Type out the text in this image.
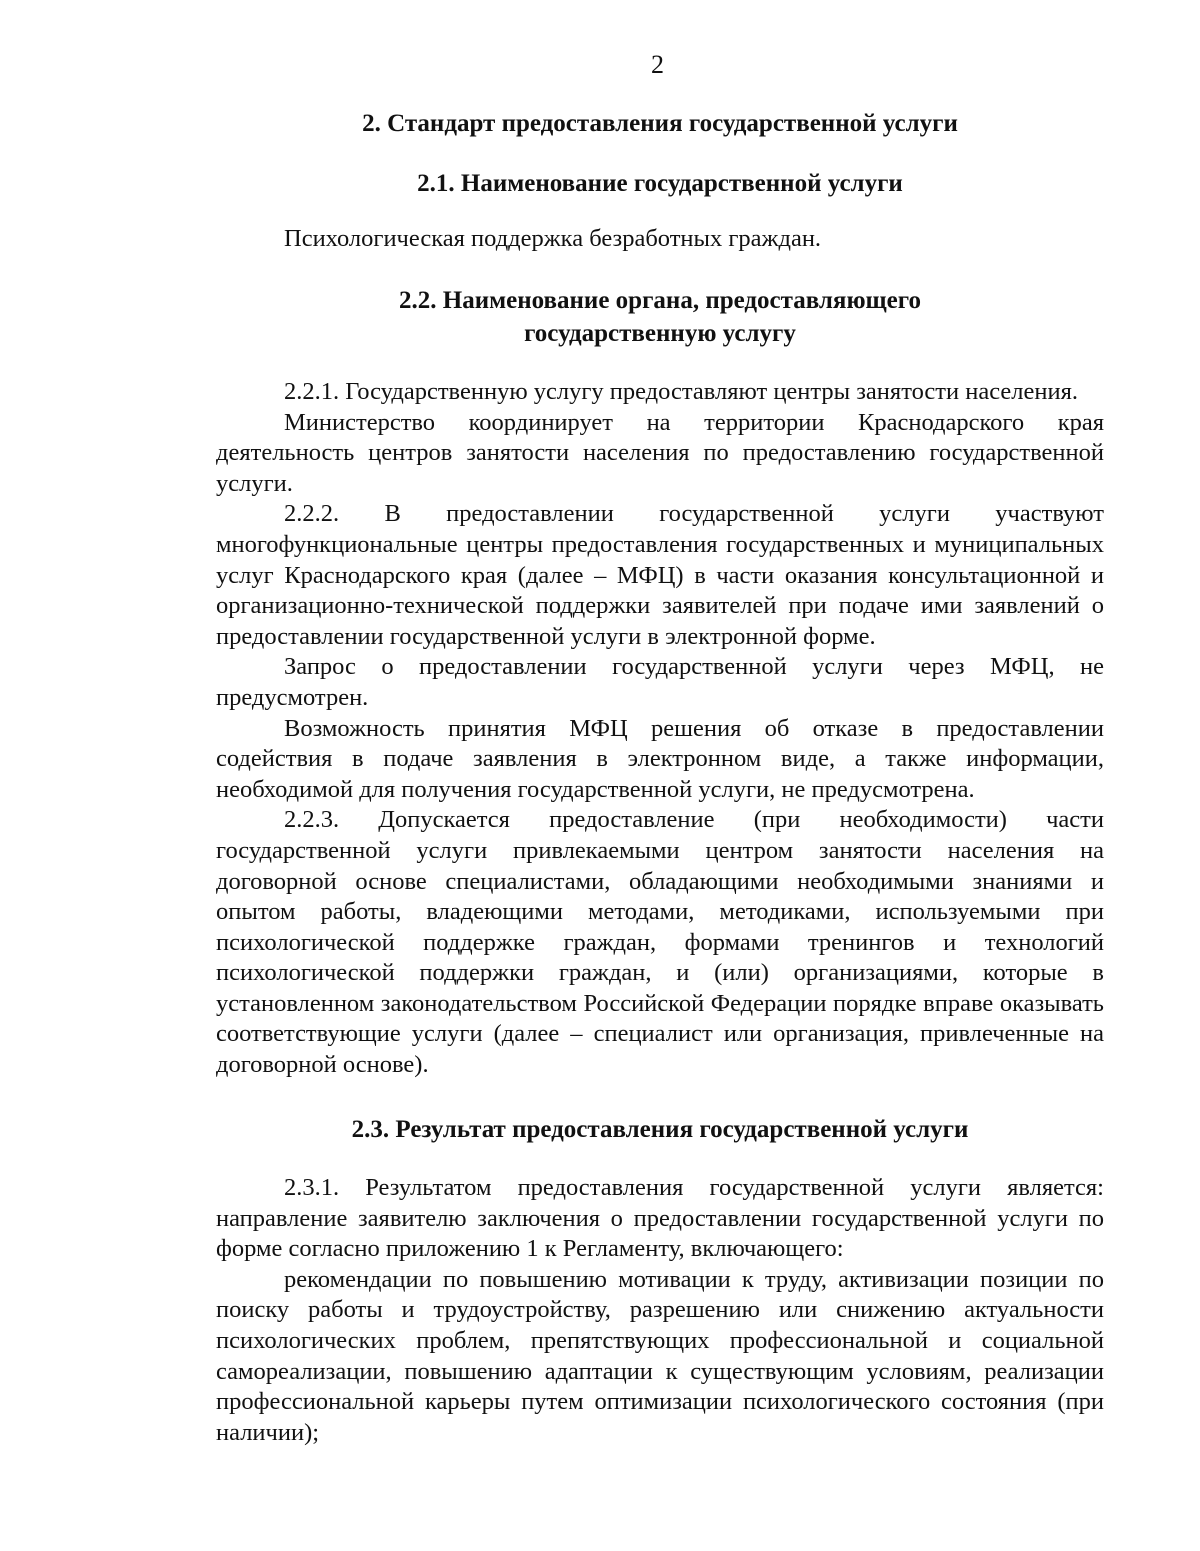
2
2. Стандарт предоставления государственной услуги
2.1. Наименование государственной услуги
Психологическая поддержка безработных граждан.
2.2. Наименование органа, предоставляющего
государственную услугу

2.2.1. Государственную услугу предоставляют центры занятости населения.

Министерство координирует на территории Краснодарского края деятельность центров занятости населения по предоставлению государственной услуги.

2.2.2. В предоставлении государственной услуги участвуют многофункциональные центры предоставления государственных и муниципальных услуг Краснодарского края (далее – МФЦ) в части оказания консультационной и организационно-технической поддержки заявителей при подаче ими заявлений о предоставлении государственной услуги в электронной форме.

Запрос о предоставлении государственной услуги через МФЦ, не предусмотрен.

Возможность принятия МФЦ решения об отказе в предоставлении содействия в подаче заявления в электронном виде, а также информации, необходимой для получения государственной услуги, не предусмотрена.

2.2.3. Допускается предоставление (при необходимости) части государственной услуги привлекаемыми центром занятости населения на договорной основе специалистами, обладающими необходимыми знаниями и опытом работы, владеющими методами, методиками, используемыми при психологической поддержке граждан, формами тренингов и технологий психологической поддержки граждан, и (или) организациями, которые в установленном законодательством Российской Федерации порядке вправе оказывать соответствующие услуги (далее – специалист или организация, привлеченные на договорной основе).

2.3. Результат предоставления государственной услуги

2.3.1. Результатом предоставления государственной услуги является: направление заявителю заключения о предоставлении государственной услуги по форме согласно приложению 1 к Регламенту, включающего:

рекомендации по повышению мотивации к труду, активизации позиции по поиску работы и трудоустройству, разрешению или снижению актуальности психологических проблем, препятствующих профессиональной и социальной самореализации, повышению адаптации к существующим условиям, реализации профессиональной карьеры путем оптимизации психологического состояния (при наличии);
